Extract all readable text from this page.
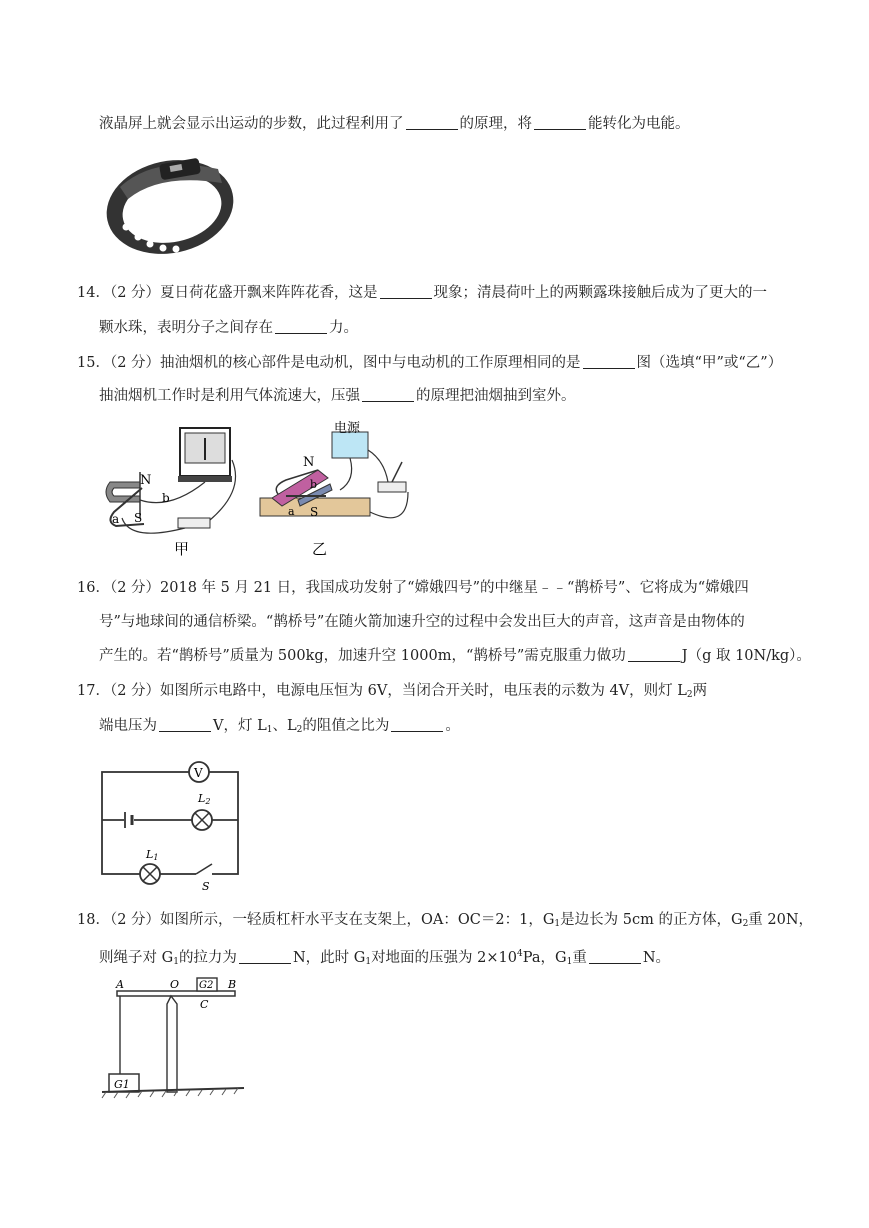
液晶屏上就会显示出运动的步数，此过程利用了	的原理，将	能转化为电能。
14．（2 分）夏日荷花盛开飘来阵阵花香，这是	现象；清晨荷叶上的两颗露珠接触后成为了更大的一
颗水珠，表明分子之间存在	力。
15．（2 分）抽油烟机的核心部件是电动机，图中与电动机的工作原理相同的是	图（选填“甲”或“乙”）
抽油烟机工作时是利用气体流速大，压强	的原理把油烟抽到室外。
N
S
a
b
甲
电源
N
S
a
b
乙
16．（2 分）2018 年 5 月 21 日，我国成功发射了“嫦娥四号”的中继星﹣﹣“鹊桥号”、它将成为“嫦娥四
号”与地球间的通信桥梁。“鹊桥号”在随火箭加速升空的过程中会发出巨大的声音，这声音是由物体的
产生的。若“鹊桥号”质量为 500kg，加速升空 1000m，“鹊桥号”需克服重力做功	J（g 取 10N/kg）。
17．（2 分）如图所示电路中，电源电压恒为 6V，当闭合开关时，电压表的示数为 4V，则灯 $L_2$两
端电压为	V，灯 $L_1$、$L_2$的阻值之比为	。
V
L2
L1
S
18．（2 分）如图所示，一轻质杠杆水平支在支架上，OA：OC＝2：1，$G_1$是边长为 5cm 的正方体，$G_2$重 20N，
则绳子对 $G_1$的拉力为	N，此时 $G_1$对地面的压强为 $2\times 10^4Pa$，$G_1$重	N。
G2
A	O	B
C
G1
